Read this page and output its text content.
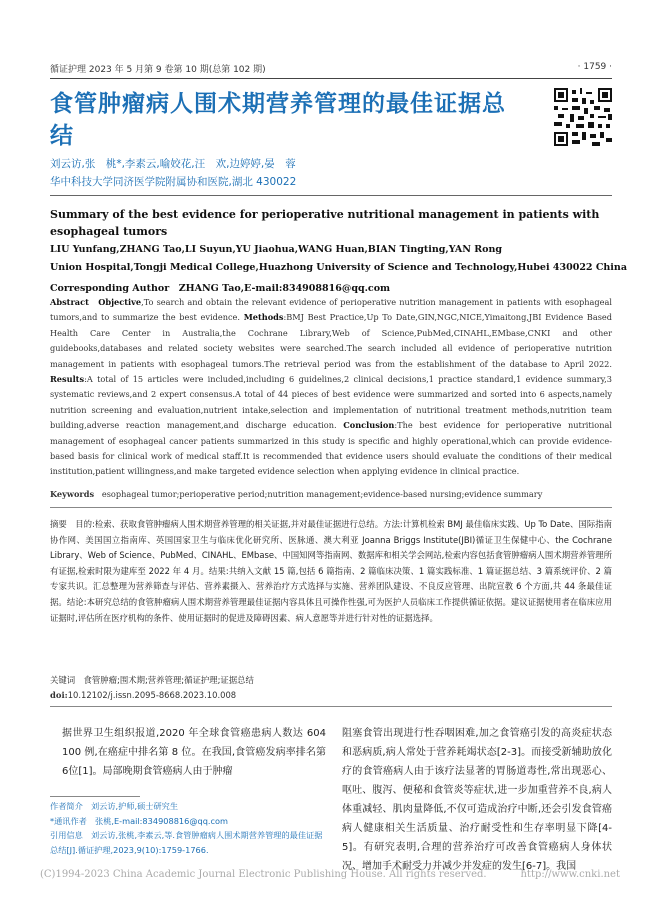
循证护理 2023 年 5 月第 9 卷第 10 期(总第 102 期)	· 1759 ·
食管肿瘤病人围术期营养管理的最佳证据总结
刘云访,张　桃*,李素云,喻姣花,汪　欢,边婷婷,晏　蓉
华中科技大学同济医学院附属协和医院,湖北 430022
Summary of the best evidence for perioperative nutritional management in patients with esophageal tumors
LIU Yunfang,ZHANG Tao,LI Suyun,YU Jiaohua,WANG Huan,BIAN Tingting,YAN Rong
Union Hospital,Tongji Medical College,Huazhong University of Science and Technology,Hubei 430022 China
Corresponding Author　ZHANG Tao,E-mail:834908816@qq.com
Abstract Objective,To search and obtain the relevant evidence of perioperative nutrition management in patients with esophageal tumors,and to summarize the best evidence. Methods:BMJ Best Practice,Up To Date,GIN,NGC,NICE,Yimaitong,JBI Evidence Based Health Care Center in Australia,the Cochrane Library,Web of Science,PubMed,CINAHL,EMbase,CNKI and other guidebooks,databases and related society websites were searched.The search included all evidence of perioperative nutrition management in patients with esophageal tumors.The retrieval period was from the establishment of the database to April 2022. Results:A total of 15 articles were included,including 6 guidelines,2 clinical decisions,1 practice standard,1 evidence summary,3 systematic reviews,and 2 expert consensus.A total of 44 pieces of best evidence were summarized and sorted into 6 aspects,namely nutrition screening and evaluation,nutrient intake,selection and implementation of nutritional treatment methods,nutrition team building,adverse reaction management,and discharge education. Conclusion:The best evidence for perioperative nutritional management of esophageal cancer patients summarized in this study is specific and highly operational,which can provide evidence-based basis for clinical work of medical staff.It is recommended that evidence users should evaluate the conditions of their medical institution,patient willingness,and make targeted evidence selection when applying evidence in clinical practice.
Keywords esophageal tumor;perioperative period;nutrition management;evidence-based nursing;evidence summary
摘要　目的:检索、获取食管肿瘤病人围术期营养管理的相关证据,并对最佳证据进行总结。方法:计算机检索 BMJ 最佳临床实践、Up To Date、国际指南协作网、美国国立指南库、英国国家卫生与临床优化研究所、医脉通、澳大利亚 Joanna Briggs Institute(JBI)循证卫生保健中心、the Cochrane Library、Web of Science、PubMed、CINAHL、EMbase、中国知网等指南网、数据库和相关学会网站,检索内容包括食管肿瘤病人围术期营养管理所有证据,检索时限为建库至 2022 年 4 月。结果:共纳入文献 15 篇,包括 6 篇指南、2 篇临床决策、1 篇实践标准、1 篇证据总结、3 篇系统评价、2 篇专家共识。汇总整理为营养筛查与评估、营养素摄入、营养治疗方式选择与实施、营养团队建设、不良反应管理、出院宣教 6 个方面,共 44 条最佳证据。结论:本研究总结的食管肿瘤病人围术期营养管理最佳证据内容具体且可操作性强,可为医护人员临床工作提供循证依据。建议证据使用者在临床应用证据时,评估所在医疗机构的条件、使用证据时的促进及障碍因素、病人意愿等并进行针对性的证据选择。
关键词　食管肿瘤;围术期;营养管理;循证护理;证据总结
doi:10.12102/j.issn.2095-8668.2023.10.008
据世界卫生组织报道,2020 年全球食管癌患病人数达 604 100 例,在癌症中排名第 8 位。在我国,食管癌发病率排名第6位[1]。局部晚期食管癌病人由于肿瘤
阻塞食管出现进行性吞咽困难,加之食管癌引发的高炎症状态和恶病质,病人常处于营养耗竭状态[2-3]。而接受新辅助放化疗的食管癌病人由于该疗法显著的胃肠道毒性,常出现恶心、呕吐、腹泻、便秘和食管炎等症状,进一步加重营养不良,病人体重减轻、肌肉量降低,不仅可造成治疗中断,还会引发食管癌病人健康相关生活质量、治疗耐受性和生存率明显下降[4-5]。有研究表明,合理的营养治疗可改善食管癌病人身体状况、增加手术耐受力并减少并发症的发生[6-7]。我国
作者简介　刘云访,护师,硕士研究生
*通讯作者　张桃,E-mail:834908816@qq.com
引用信息　刘云访,张桃,李素云,等.食管肿瘤病人围术期营养管理的最佳证据总结[J].循证护理,2023,9(10):1759-1766.
(C)1994-2023 China Academic Journal Electronic Publishing House. All rights reserved.	http://www.cnki.net
